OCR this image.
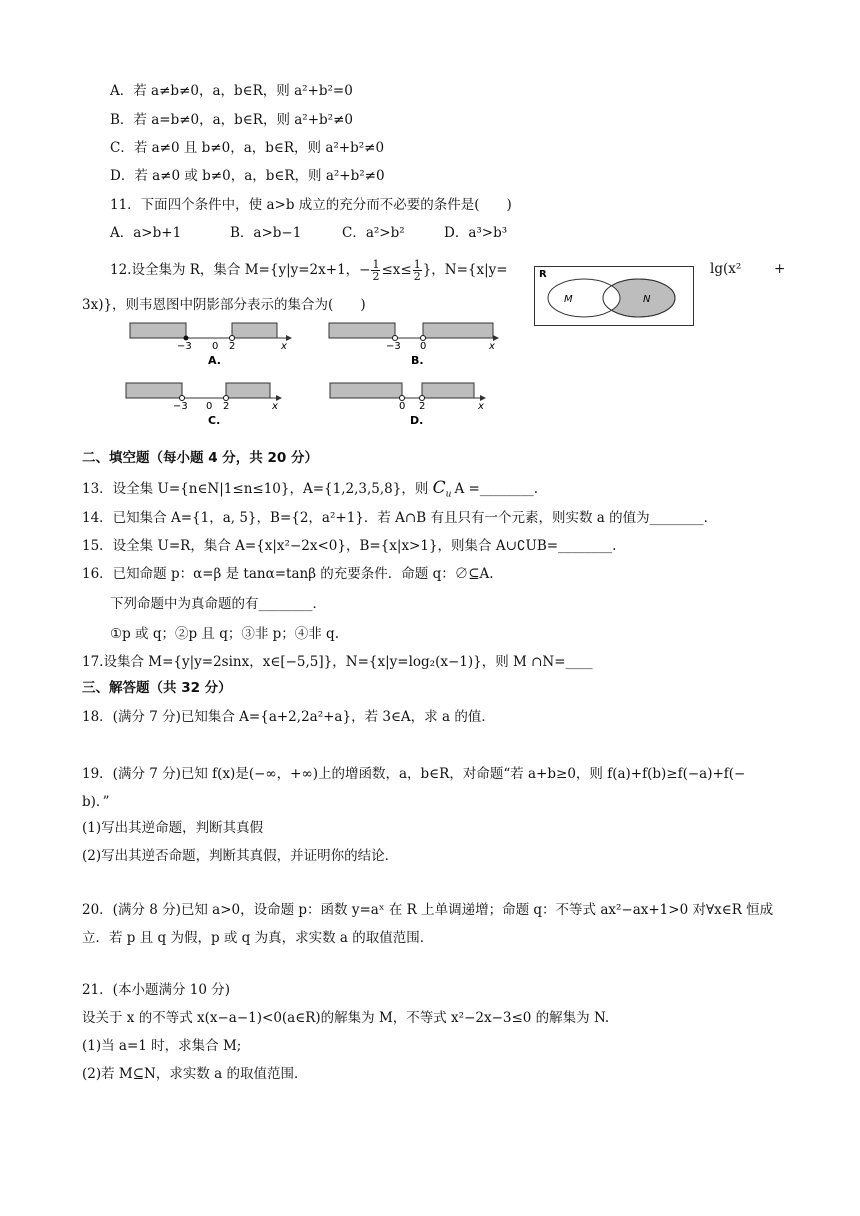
A．若 a≠b≠0，a，b∈R，则 a²+b²=0
B．若 a=b≠0，a，b∈R，则 a²+b²≠0
C．若 a≠0 且 b≠0，a，b∈R，则 a²+b²≠0
D．若 a≠0 或 b≠0，a，b∈R，则 a²+b²≠0
11．下面四个条件中，使 a>b 成立的充分而不必要的条件是(　　)
A．a>b+1	B．a>b−1	C．a²>b²	D．a³>b³
12.设全集为 R，集合 M={y|y=2x+1，− $\frac{1}{2} \le x\le \frac{1}{2}$ }，N={x|y=	lg(x² +
3x)}，则韦恩图中阴影部分表示的集合为(　　)
R
M	N
−3 0 2	x
A.
−3 0	x
B.
−3 0 2	x
C.
0 2	x
D.
二、填空题（每小题 4 分，共 20 分）
13．设全集 U={n∈N|1≤n≤10}，A={1,2,3,5,8}，则 $C_u$ A =________.
14．已知集合 A={1，a, 5}，B={2，a²+1}．若 A∩B 有且只有一个元素，则实数 a 的值为________．
15．设全集 U=R，集合 A={x|x²−2x<0}，B={x|x>1}，则集合 A∪∁UB=________.
16．已知命题 p：α=β 是 tanα=tanβ 的充要条件．命题 q：∅⊆A.
下列命题中为真命题的有________．
①p 或 q；②p 且 q；③非 p；④非 q.
17.设集合 M={y|y=2sinx，x∈[−5,5]}，N={x|y=log₂(x−1)}，则 M ∩N=____
三、解答题（共 32 分）
18．(满分 7 分)已知集合 A={a+2,2a²+a}，若 3∈A，求 a 的值．
19．(满分 7 分)已知 f(x)是(−∞，+∞)上的增函数，a，b∈R，对命题“若 a+b≥0，则 f(a)+f(b)≥f(−a)+f(−
b)．”
(1)写出其逆命题，判断其真假
(2)写出其逆否命题，判断其真假，并证明你的结论．
20．(满分 8 分)已知 a>0，设命题 p：函数 y=aˣ 在 R 上单调递增；命题 q：不等式 ax²−ax+1>0 对∀x∈R 恒成
立．若 p 且 q 为假，p 或 q 为真，求实数 a 的取值范围．
21．(本小题满分 10 分)
设关于 x 的不等式 x(x−a−1)<0(a∈R)的解集为 M，不等式 x²−2x−3≤0 的解集为 N.
(1)当 a=1 时，求集合 M;
(2)若 M⊆N，求实数 a 的取值范围．
